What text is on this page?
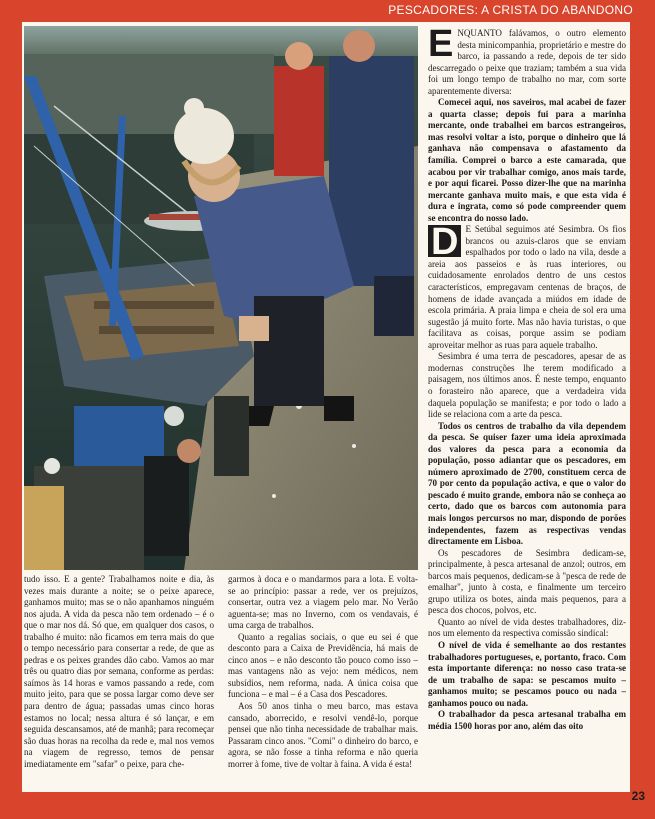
PESCADORES: A CRISTA DO ABANDONO

ENQUANTO falávamos, o outro elemento desta minicompanhia, proprietário e mestre do barco, ia passando a rede, depois de ter sido descarregado o peixe que traziam; também a sua vida foi um longo tempo de trabalho no mar, com sorte aparentemente diversa:

Comecei aqui, nos saveiros, mal acabei de fazer a quarta classe; depois fui para a marinha mercante, onde trabalhei em barcos estrangeiros, mas resolvi voltar a isto, porque o dinheiro que lá ganhava não compensava o afastamento da família. Comprei o barco a este camarada, que acabou por vir trabalhar comigo, anos mais tarde, e por aqui ficarei. Posso dizer-lhe que na marinha mercante ganhava muito mais, e que esta vida é dura e ingrata, como só pode compreender quem se encontra do nosso lado.

D E Setúbal seguimos até Sesimbra. Os fios brancos ou azuis-claros que se enviam espalhados por todo o lado na vila, desde a areia aos passeios e às ruas interiores, ou cuidadosamente enrolados dentro de uns cestos característicos, empregavam centenas de braços, de homens de idade avançada a miúdos em idade de escola primária. A praia limpa e cheia de sol era uma sugestão já muito forte. Mas não havia turistas, o que facilitava as coisas, porque assim se podiam aproveitar melhor as ruas para aquele trabalho.

Sesimbra é uma terra de pescadores, apesar de as modernas construções lhe terem modificado a paisagem, nos últimos anos. É neste tempo, enquanto o forasteiro não aparece, que a verdadeira vida daquela população se manifesta; e por todo o lado a lide se relaciona com a arte da pesca.

Todos os centros de trabalho da vila dependem da pesca. Se quiser fazer uma ideia aproximada dos valores da pesca para a economia da população, posso adiantar que os pescadores, em número aproximado de 2700, constituem cerca de 70 por cento da população activa, e que o valor do pescado é muito grande, embora não se conheça ao certo, dado que os barcos com autonomia para mais longos percursos no mar, dispondo de porões independentes, fazem as respectivas vendas directamente em Lisboa.

Os pescadores de Sesimbra dedicam-se, principalmente, à pesca artesanal de anzol; outros, em barcos mais pequenos, dedicam-se à "pesca de rede de emalhar", junto à costa, e finalmente um terceiro grupo utiliza os botes, ainda mais pequenos, para a pesca dos chocos, polvos, etc.

Quanto ao nível de vida destes trabalhadores, diz-nos um elemento da respectiva comissão sindical:

O nível de vida é semelhante ao dos restantes trabalhadores portugueses, e, portanto, fraco. Com esta importante diferença: no nosso caso trata-se de um trabalho de sapa: se pescamos muito – ganhamos muito; se pescamos pouco ou nada – ganhamos pouco ou nada.

O trabalhador da pesca artesanal trabalha em média 1500 horas por ano, além das oito

tudo isso. E a gente? Trabalhamos noite e dia, às vezes mais durante a noite; se o peixe aparece, ganhamos muito; mas se o não apanhamos ninguém nos ajuda. A vida da pesca não tem ordenado – é o que o mar nos dá. Só que, em qualquer dos casos, o trabalho é muito: não ficamos em terra mais do que o tempo necessário para consertar a rede, de que as pedras e os peixes grandes dão cabo. Vamos ao mar três ou quatro dias por semana, conforme as perdas: saímos às 14 horas e vamos passando a rede, com muito jeito, para que se possa largar como deve ser para dentro de água; passadas umas cinco horas estamos no local; nessa altura é só lançar, e em seguida descansamos, até de manhã; para recomeçar são duas horas na recolha da rede e, mal nos vemos na viagem de regresso, temos de pensar imediatamente em "safar" o peixe, para che-

garmos à doca e o mandarmos para a lota. E volta-se ao princípio: passar a rede, ver os prejuízos, consertar, outra vez a viagem pelo mar. No Verão aguenta-se; mas no Inverno, com os vendavais, é uma carga de trabalhos.

Quanto a regalias sociais, o que eu sei é que desconto para a Caixa de Previdência, há mais de cinco anos – e não desconto tão pouco como isso – mas vantagens não as vejo: nem médicos, nem subsídios, nem reforma, nada. A única coisa que funciona – e mal – é a Casa dos Pescadores.

Aos 50 anos tinha o meu barco, mas estava cansado, aborrecido, e resolvi vendê-lo, porque pensei que não tinha necessidade de trabalhar mais. Passaram cinco anos. "Comi" o dinheiro do barco, e agora, se não fosse a tinha reforma e não queria morrer à fome, tive de voltar à faina. A vida é esta!

23
